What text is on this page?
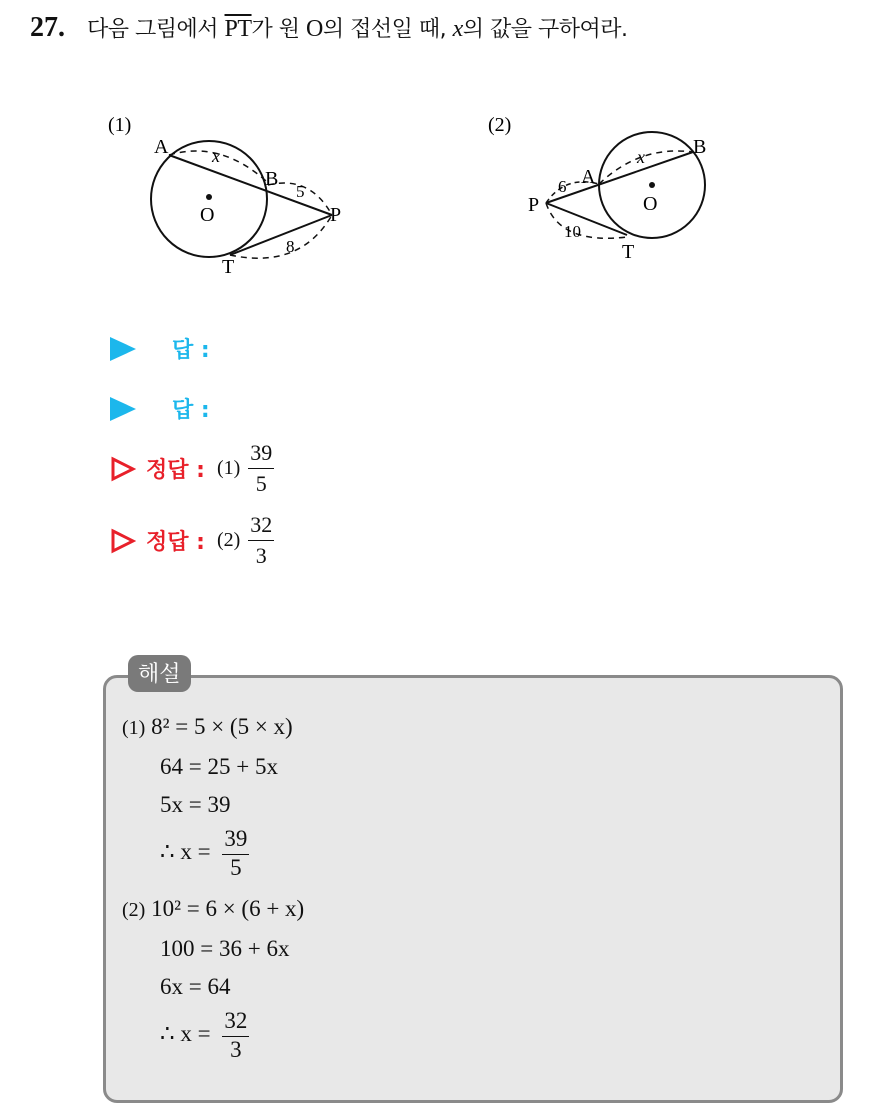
27. 다음 그림에서 $\overline{PT}$가 원 O의 접선일 때, x의 값을 구하여라.
(1)
A
B
O	P
T
x
5
8
(2)
P
A
B
O
T
6
x
10
답 :
답 :
정답 : $(1) \frac{39}{5}$
정답 : $(2) \frac{32}{3}$
해설
(1) 8² = 5 × (5 × x)
64 = 25 + 5x
5x = 39
∴ $x = \frac{39}{5}$
(2) 10² = 6 × (6 + x)
100 = 36 + 6x
6x = 64
∴ $x = \frac{32}{3}$
